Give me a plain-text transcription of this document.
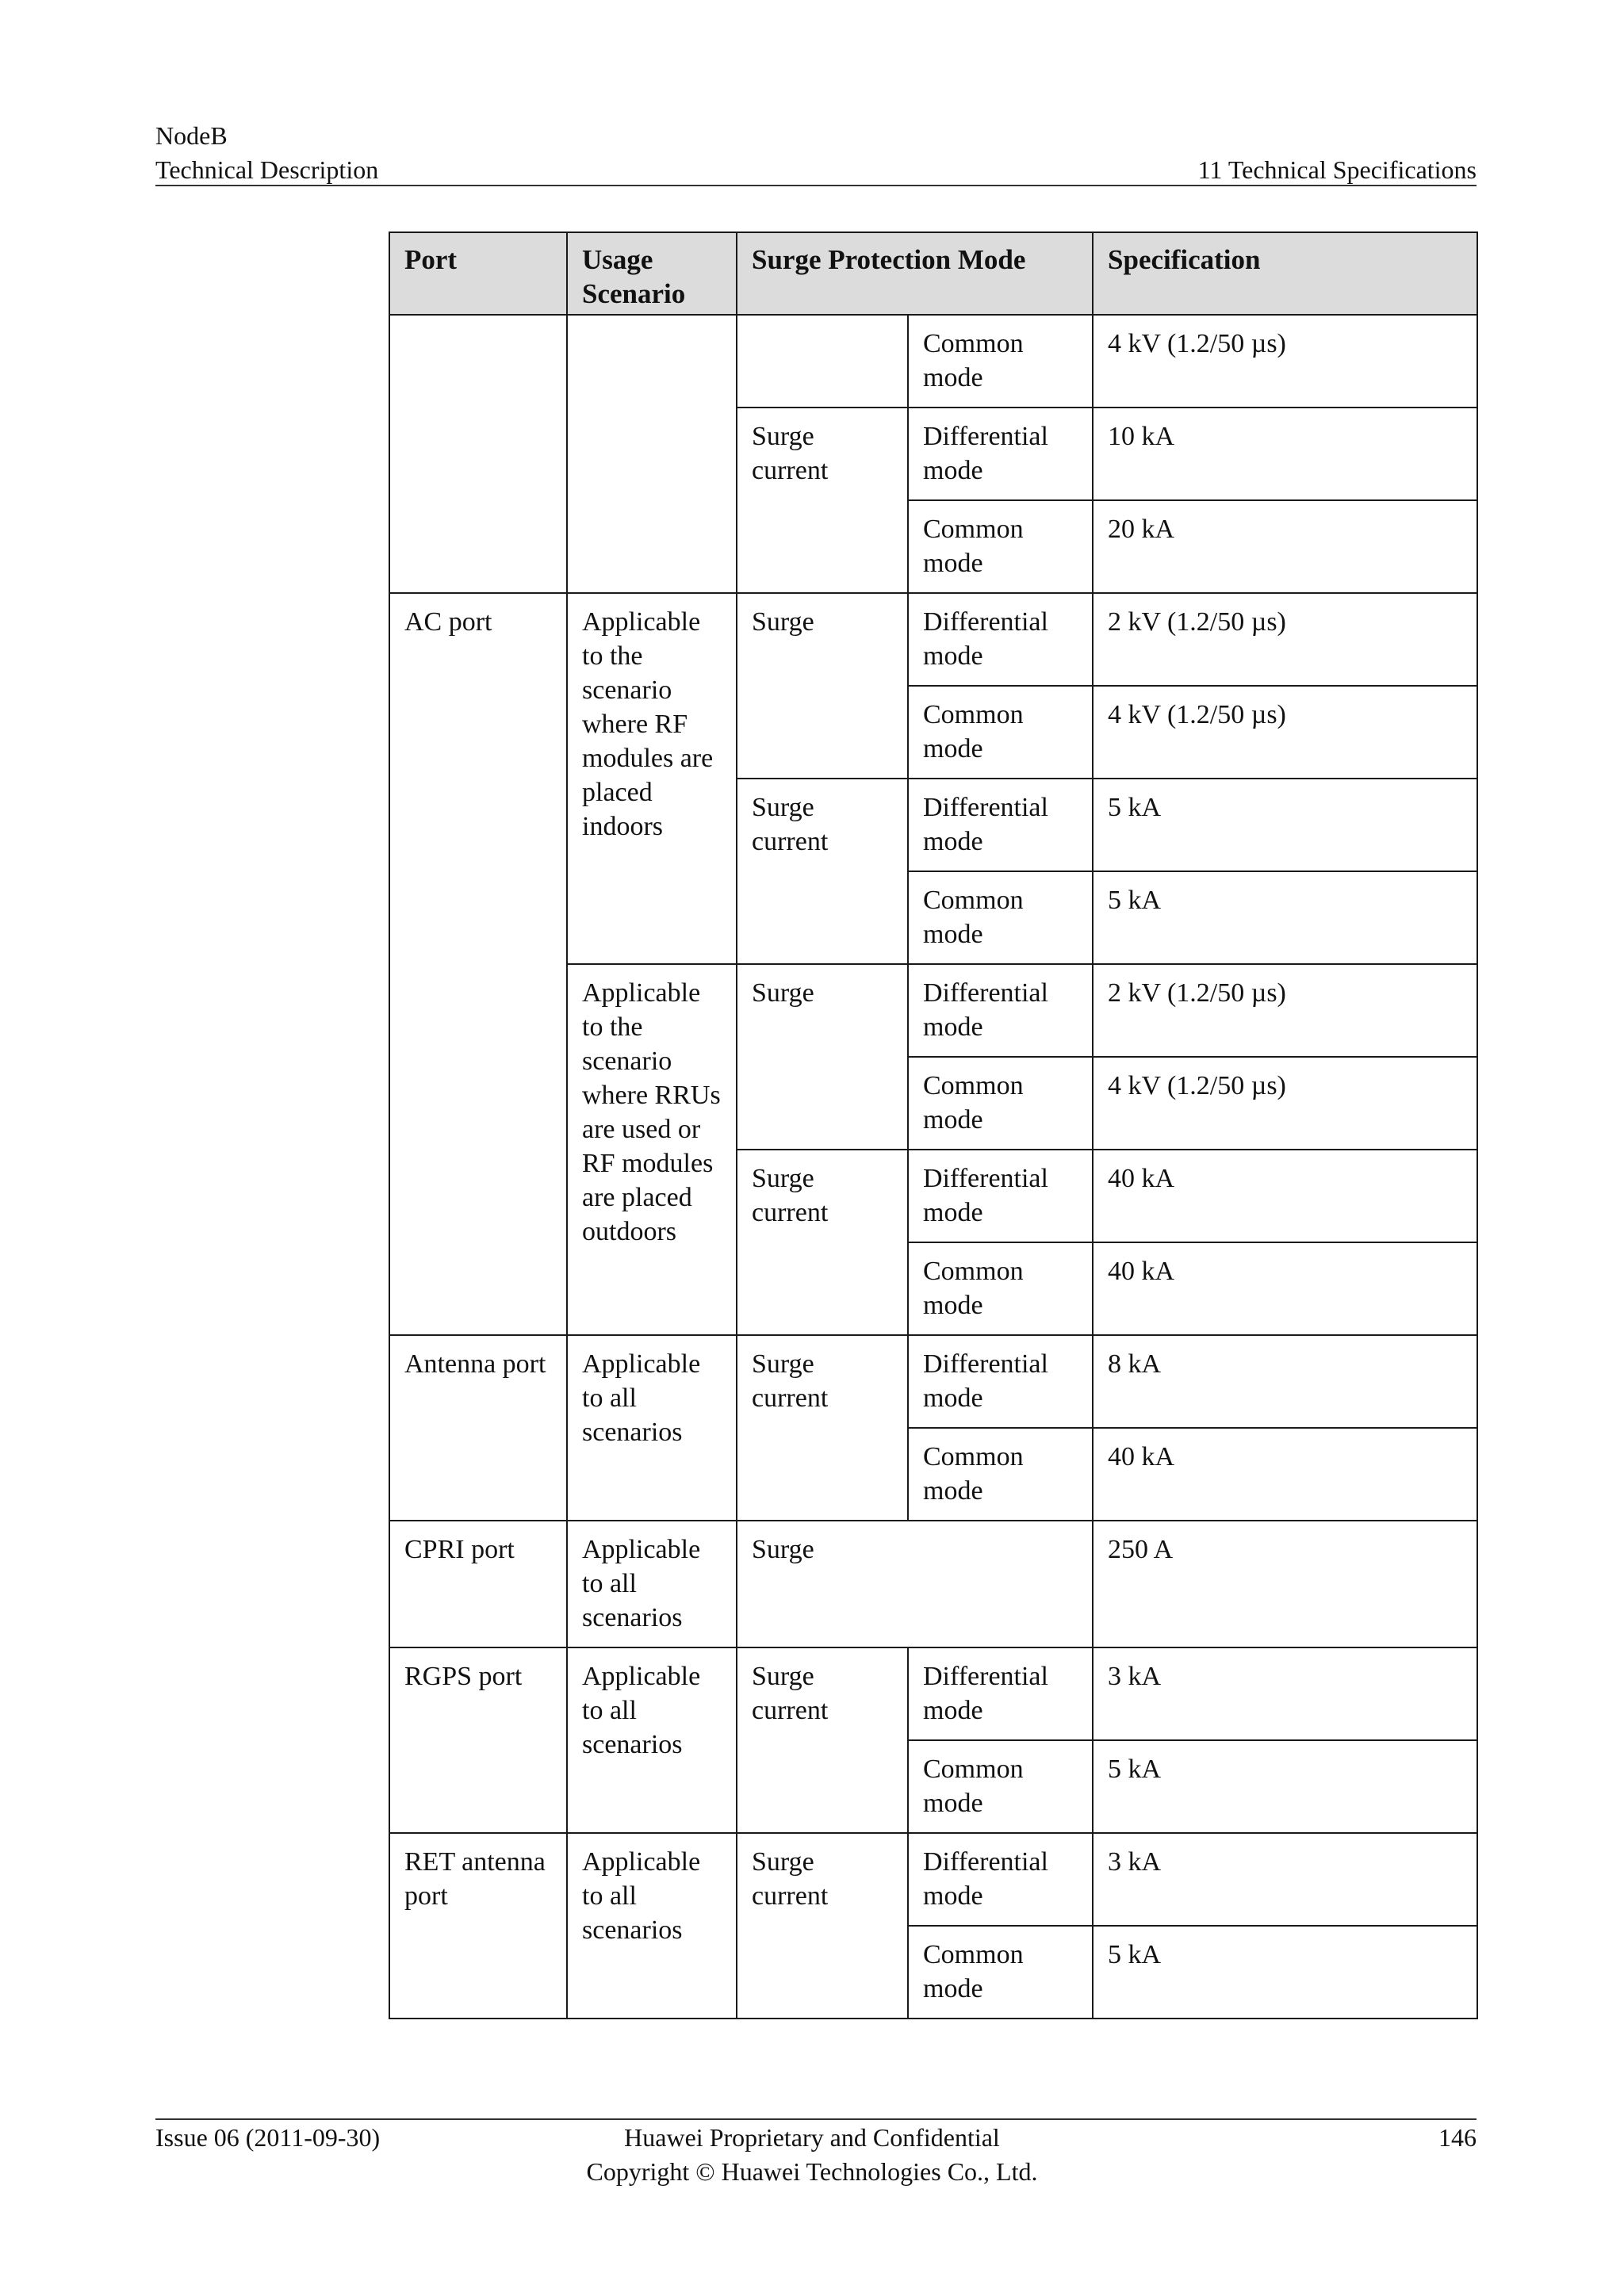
NodeB
Technical Description	11 Technical Specifications
Port	Usage Scenario	Surge Protection Mode		Specification
			Common mode	4 kV (1.2/50 µs)
		Surge current	Differential mode	10 kA
			Common mode	20 kA
AC port	Applicable to the scenario where RF modules are placed indoors	Surge	Differential mode	2 kV (1.2/50 µs)
			Common mode	4 kV (1.2/50 µs)
		Surge current	Differential mode	5 kA
			Common mode	5 kA
	Applicable to the scenario where RRUs are used or RF modules are placed outdoors	Surge	Differential mode	2 kV (1.2/50 µs)
			Common mode	4 kV (1.2/50 µs)
		Surge current	Differential mode	40 kA
			Common mode	40 kA
Antenna port	Applicable to all scenarios	Surge current	Differential mode	8 kA
			Common mode	40 kA
CPRI port	Applicable to all scenarios	Surge		250 A
RGPS port	Applicable to all scenarios	Surge current	Differential mode	3 kA
			Common mode	5 kA
RET antenna port	Applicable to all scenarios	Surge current	Differential mode	3 kA
			Common mode	5 kA
Issue 06 (2011-09-30)	Huawei Proprietary and Confidential
Copyright © Huawei Technologies Co., Ltd.
146
